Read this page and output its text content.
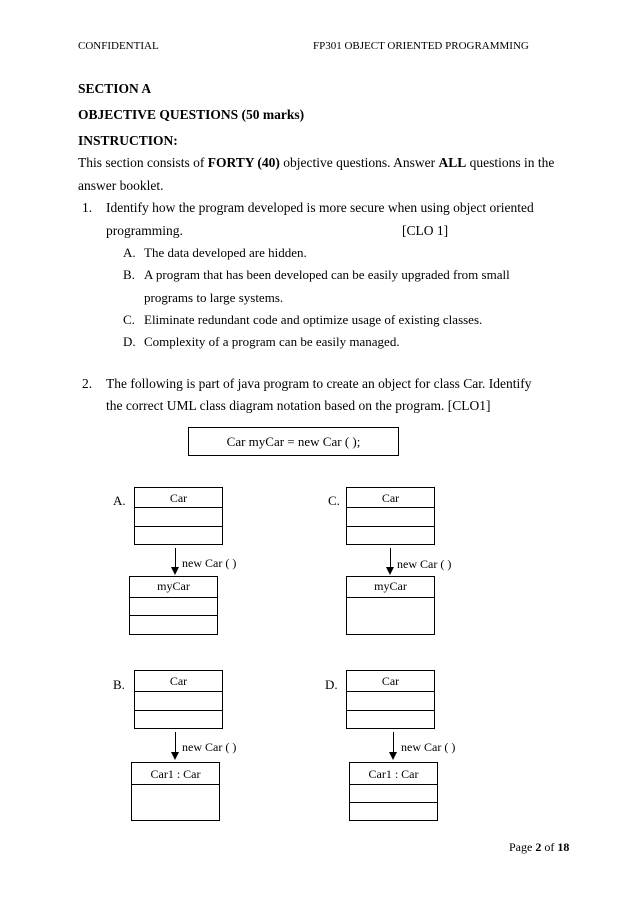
CONFIDENTIAL	FP301 OBJECT ORIENTED PROGRAMMING
SECTION A
OBJECTIVE QUESTIONS (50 marks)
INSTRUCTION:
This section consists of FORTY (40) objective questions. Answer ALL questions in the
answer booklet.
1. Identify how the program developed is more secure when using object oriented
programming.	[CLO 1]
A. The data developed are hidden.
B. A program that has been developed can be easily upgraded from small
programs to large systems.
C. Eliminate redundant code and optimize usage of existing classes.
D. Complexity of a program can be easily managed.
2. The following is part of java program to create an object for class Car. Identify
the correct UML class diagram notation based on the program. [CLO1]
Car myCar = new Car ( );
A.	Car
new Car ( )
myCar
C.	Car
new Car ( )
myCar
B.	Car
new Car ( )
Car1 : Car
D.	Car
new Car ( )
Car1 : Car
Page 2 of 18
